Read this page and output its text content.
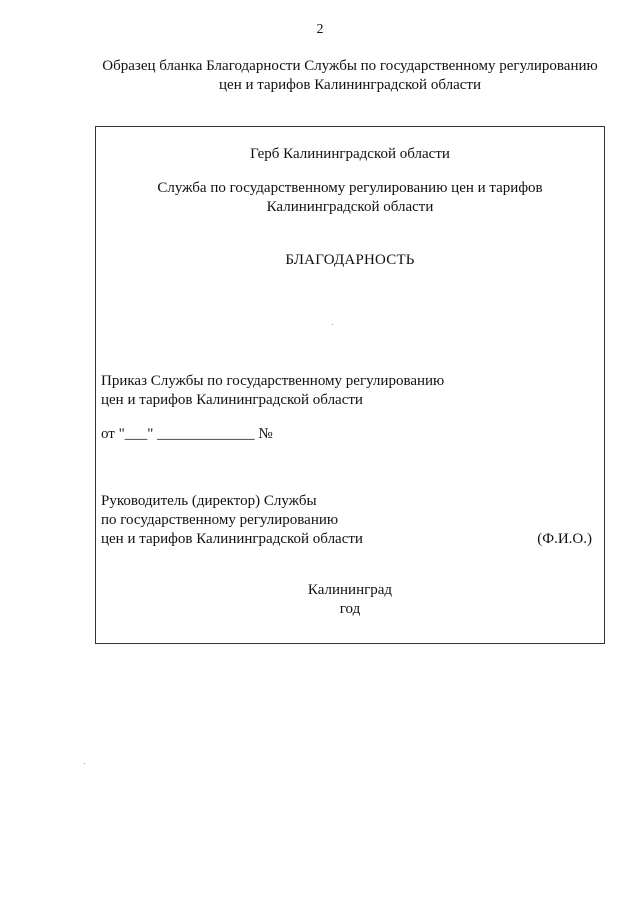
2
Образец бланка Благодарности Службы по государственному регулированию
цен и тарифов Калининградской области
Герб Калининградской области
Служба по государственному регулированию цен и тарифов
Калининградской области
БЛАГОДАРНОСТЬ
Приказ Службы по государственному регулированию
цен и тарифов Калининградской области
от "___" _____________ №
Руководитель (директор) Службы
по государственному регулированию
цен и тарифов Калининградской области	(Ф.И.О.)
Калининград
год
